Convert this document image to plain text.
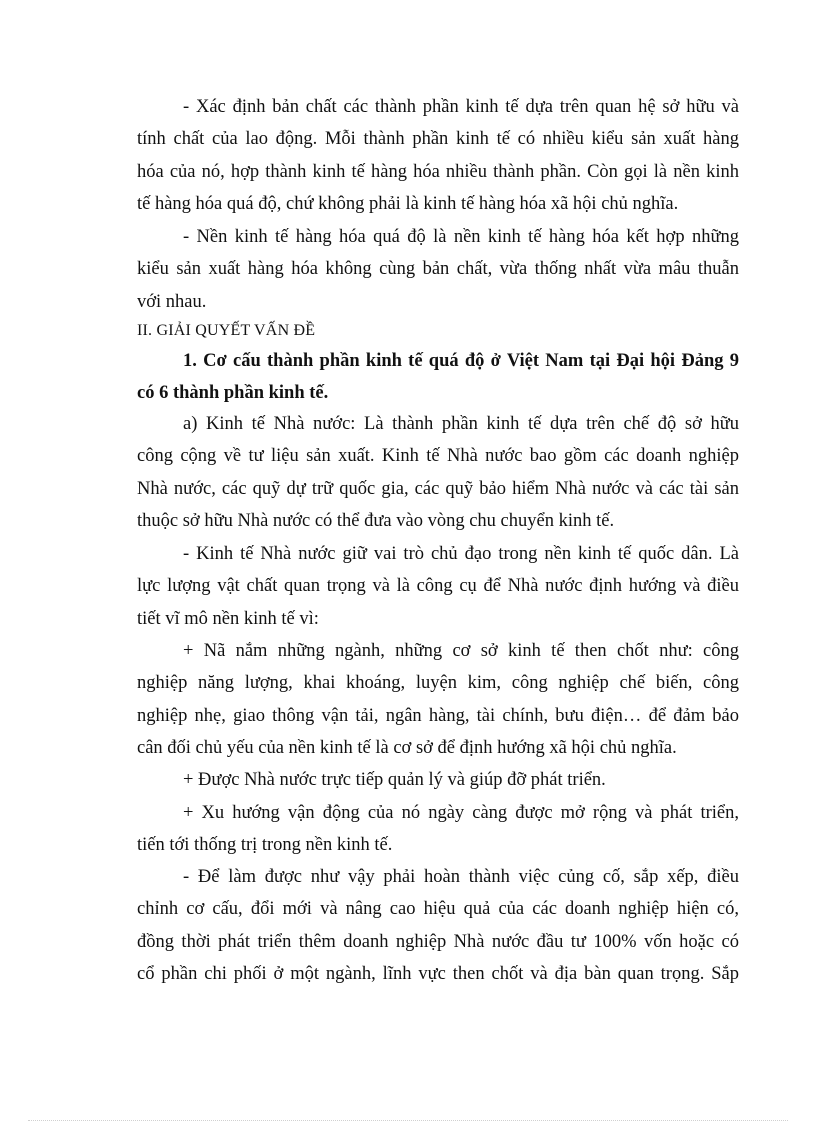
- Xác định bản chất các thành phần kinh tế dựa trên quan hệ sở hữu và
tính chất của lao động. Mỗi thành phần kinh tế có nhiều kiểu sản xuất hàng
hóa của nó, hợp thành kinh tế hàng hóa nhiều thành phần. Còn gọi là nền kinh
tế hàng hóa quá độ, chứ không phải là kinh tế hàng hóa xã hội chủ nghĩa.
- Nền kinh tế hàng hóa quá độ là nền kinh tế hàng hóa kết hợp những
kiểu sản xuất hàng hóa không cùng bản chất, vừa thống nhất vừa mâu thuẫn
với nhau.
II. GIẢI QUYẾT VẤN ĐỀ
1. Cơ cấu thành phần kinh tế quá độ ở Việt Nam tại Đại hội Đảng 9
có 6 thành phần kinh tế.
a) Kinh tế Nhà nước: Là thành phần kinh tế dựa trên chế độ sở hữu
công cộng về tư liệu sản xuất. Kinh tế Nhà nước bao gồm các doanh nghiệp
Nhà nước, các quỹ dự trữ quốc gia, các quỹ bảo hiểm Nhà nước và các tài sản
thuộc sở hữu Nhà nước có thể đưa vào vòng chu chuyển kinh tế.
- Kinh tế Nhà nước giữ vai trò chủ đạo trong nền kinh tế quốc dân. Là
lực lượng vật chất quan trọng và là công cụ để Nhà nước định hướng và điều
tiết vĩ mô nền kinh tế vì:
+ Nã nắm những ngành, những cơ sở kinh tế then chốt như: công
nghiệp năng lượng, khai khoáng, luyện kim, công nghiệp chế biến, công
nghiệp nhẹ, giao thông vận tải, ngân hàng, tài chính, bưu điện… để đảm bảo
cân đối chủ yếu của nền kinh tế là cơ sở để định hướng xã hội chủ nghĩa.
+ Được Nhà nước trực tiếp quản lý và giúp đỡ phát triển.
+ Xu hướng vận động của nó ngày càng được mở rộng và phát triển,
tiến tới thống trị trong nền kinh tế.
- Để làm được như vậy phải hoàn thành việc củng cố, sắp xếp, điều
chỉnh cơ cấu, đổi mới và nâng cao hiệu quả của các doanh nghiệp hiện có,
đồng thời phát triển thêm doanh nghiệp Nhà nước đầu tư 100% vốn hoặc có
cổ phần chi phối ở một ngành, lĩnh vực then chốt và địa bàn quan trọng. Sắp
